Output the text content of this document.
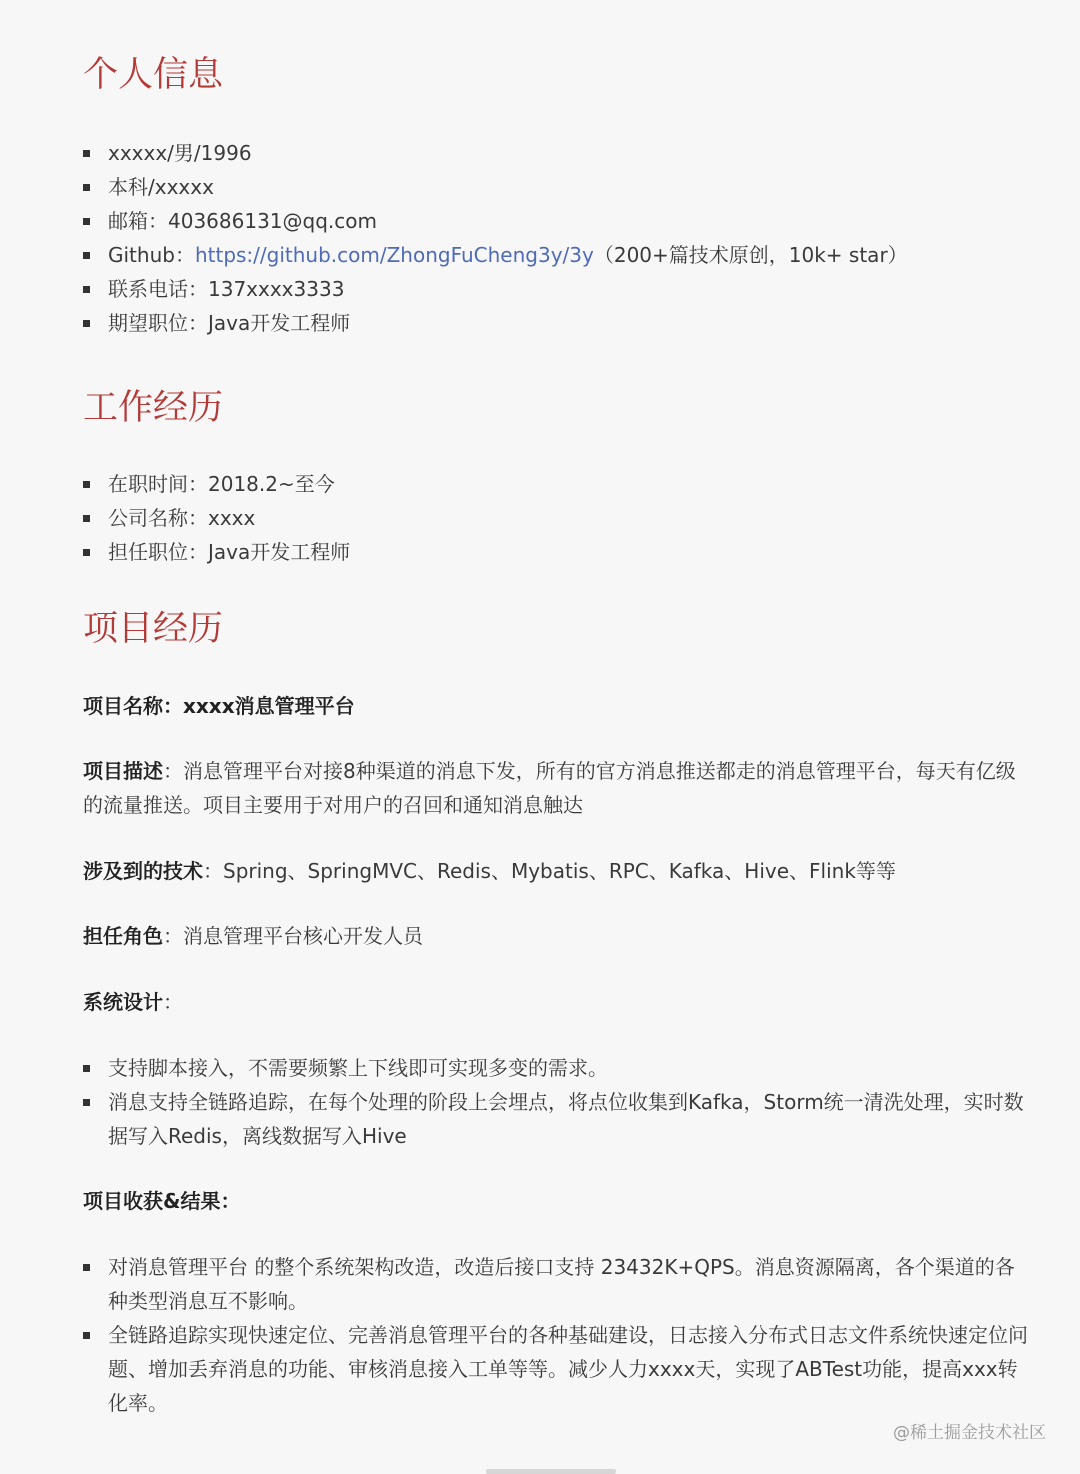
个人信息
xxxxx/男/1996
本科/xxxxx
邮箱：403686131@qq.com
Github：https://github.com/ZhongFuCheng3y/3y（200+篇技术原创，10k+ star）
联系电话：137xxxx3333
期望职位：Java开发工程师
工作经历
在职时间：2018.2~至今
公司名称：xxxx
担任职位：Java开发工程师
项目经历
项目名称：xxxx消息管理平台
项目描述：消息管理平台对接8种渠道的消息下发，所有的官方消息推送都走的消息管理平台，每天有亿级的流量推送。项目主要用于对用户的召回和通知消息触达
涉及到的技术：Spring、SpringMVC、Redis、Mybatis、RPC、Kafka、Hive、Flink等等
担任角色：消息管理平台核心开发人员
系统设计：
支持脚本接入，不需要频繁上下线即可实现多变的需求。
消息支持全链路追踪，在每个处理的阶段上会埋点，将点位收集到Kafka，Storm统一清洗处理，实时数据写入Redis，离线数据写入Hive
项目收获&结果：
对消息管理平台 的整个系统架构改造，改造后接口支持 23432K+QPS。消息资源隔离，各个渠道的各种类型消息互不影响。
全链路追踪实现快速定位、完善消息管理平台的各种基础建设，日志接入分布式日志文件系统快速定位问题、增加丢弃消息的功能、审核消息接入工单等等。减少人力xxxx天，实现了ABTest功能，提高xxx转化率。
@稀土掘金技术社区
